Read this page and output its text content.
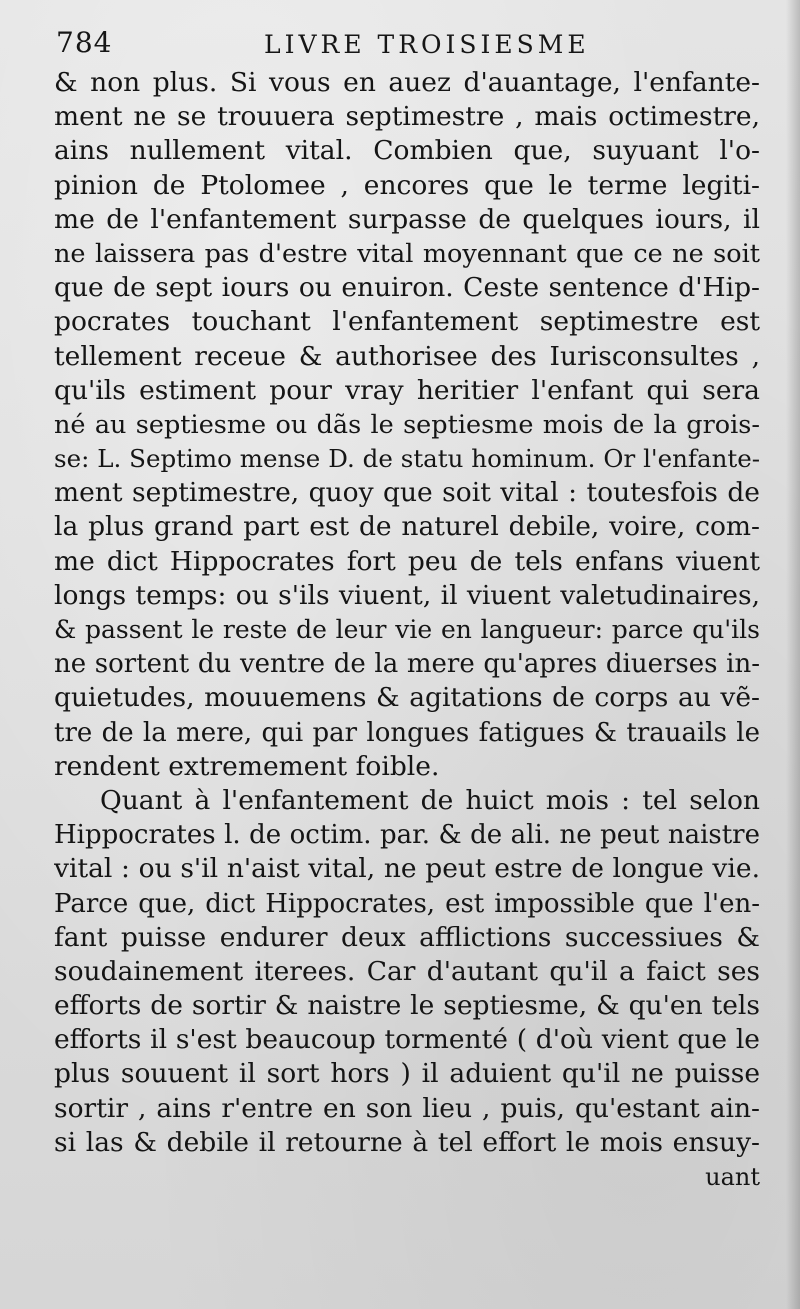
784	LIVRE TROISIESME
& non plus. Si vous en auez d'auantage, l'enfante-
ment ne se trouuera septimestre , mais octimestre,
ains nullement vital. Combien que, suyuant l'o-
pinion de Ptolomee , encores que le terme legiti-
me de l'enfantement surpasse de quelques iours, il
ne laissera pas d'estre vital moyennant que ce ne soit
que de sept iours ou enuiron. Ceste sentence d'Hip-
pocrates touchant l'enfantement septimestre est
tellement receue & authorisee des Iurisconsultes ,
qu'ils estiment pour vray heritier l'enfant qui sera
né au septiesme ou dãs le septiesme mois de la grois-
se: L. Septimo mense D. de statu hominum. Or l'enfante-
ment septimestre, quoy que soit vital : toutesfois de
la plus grand part est de naturel debile, voire, com-
me dict Hippocrates fort peu de tels enfans viuent
longs temps: ou s'ils viuent, il viuent valetudinaires,
& passent le reste de leur vie en langueur: parce qu'ils
ne sortent du ventre de la mere qu'apres diuerses in-
quietudes, mouuemens & agitations de corps au vẽ-
tre de la mere, qui par longues fatigues & trauails le
rendent extremement foible.
Quant à l'enfantement de huict mois : tel selon
Hippocrates l. de octim. par. & de ali. ne peut naistre
vital : ou s'il n'aist vital, ne peut estre de longue vie.
Parce que, dict Hippocrates, est impossible que l'en-
fant puisse endurer deux afflictions successiues &
soudainement iterees. Car d'autant qu'il a faict ses
efforts de sortir & naistre le septiesme, & qu'en tels
efforts il s'est beaucoup tormenté ( d'où vient que le
plus souuent il sort hors ) il aduient qu'il ne puisse
sortir , ains r'entre en son lieu , puis, qu'estant ain-
si las & debile il retourne à tel effort le mois ensuy-
uant
